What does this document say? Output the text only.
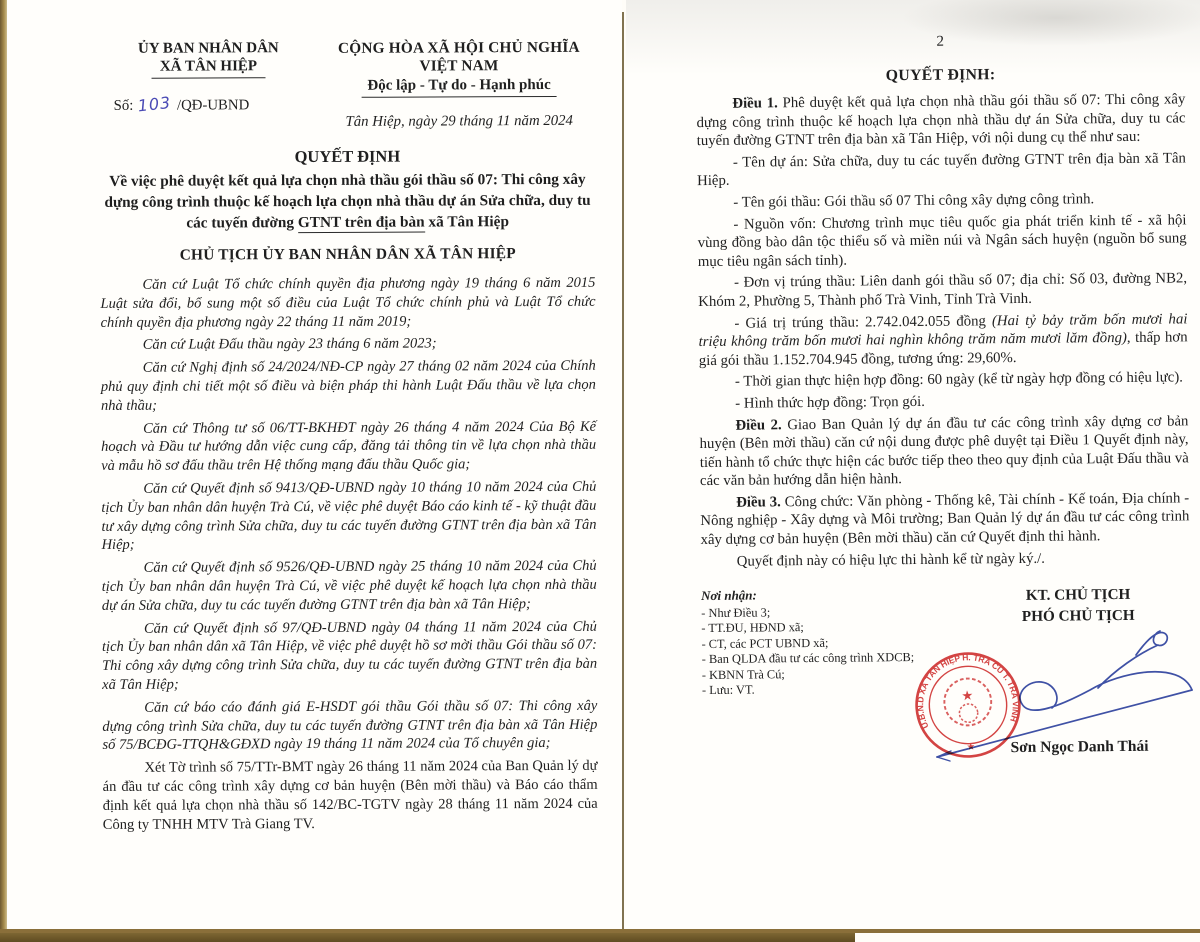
ỦY BAN NHÂN DÂN
XÃ TÂN HIỆP
Số: 103 /QĐ-UBND
CỘNG HÒA XÃ HỘI CHỦ NGHĨA VIỆT NAM
Độc lập - Tự do - Hạnh phúc
Tân Hiệp, ngày 29 tháng 11 năm 2024
QUYẾT ĐỊNH
Về việc phê duyệt kết quả lựa chọn nhà thầu gói thầu số 07: Thi công xây dựng công trình thuộc kế hoạch lựa chọn nhà thầu dự án Sửa chữa, duy tu các tuyến đường GTNT trên địa bàn xã Tân Hiệp
CHỦ TỊCH ỦY BAN NHÂN DÂN XÃ TÂN HIỆP

Căn cứ Luật Tổ chức chính quyền địa phương ngày 19 tháng 6 năm 2015 Luật sửa đổi, bổ sung một số điều của Luật Tổ chức chính phủ và Luật Tổ chức chính quyền địa phương ngày 22 tháng 11 năm 2019;

Căn cứ Luật Đấu thầu ngày 23 tháng 6 năm 2023;

Căn cứ Nghị định số 24/2024/NĐ-CP ngày 27 tháng 02 năm 2024 của Chính phủ quy định chi tiết một số điều và biện pháp thi hành Luật Đấu thầu về lựa chọn nhà thầu;

Căn cứ Thông tư số 06/TT-BKHĐT ngày 26 tháng 4 năm 2024 Của Bộ Kế hoạch và Đầu tư hướng dẫn việc cung cấp, đăng tải thông tin về lựa chọn nhà thầu và mẫu hồ sơ đấu thầu trên Hệ thống mạng đấu thầu Quốc gia;

Căn cứ Quyết định số 9413/QĐ-UBND ngày 10 tháng 10 năm 2024 của Chủ tịch Ủy ban nhân dân huyện Trà Cú, về việc phê duyệt Báo cáo kinh tế - kỹ thuật đầu tư xây dựng công trình Sửa chữa, duy tu các tuyến đường GTNT trên địa bàn xã Tân Hiệp;

Căn cứ Quyết định số 9526/QĐ-UBND ngày 25 tháng 10 năm 2024 của Chủ tịch Ủy ban nhân dân huyện Trà Cú, về việc phê duyệt kế hoạch lựa chọn nhà thầu dự án Sửa chữa, duy tu các tuyến đường GTNT trên địa bàn xã Tân Hiệp;

Căn cứ Quyết định số 97/QĐ-UBND ngày 04 tháng 11 năm 2024 của Chủ tịch Ủy ban nhân dân xã Tân Hiệp, về việc phê duyệt hồ sơ mời thầu Gói thầu số 07: Thi công xây dựng công trình Sửa chữa, duy tu các tuyến đường GTNT trên địa bàn xã Tân Hiệp;

Căn cứ báo cáo đánh giá E-HSDT gói thầu Gói thầu số 07: Thi công xây dựng công trình Sửa chữa, duy tu các tuyến đường GTNT trên địa bàn xã Tân Hiệp số 75/BCĐG-TTQH&GĐXD ngày 19 tháng 11 năm 2024 của Tổ chuyên gia;

Xét Tờ trình số 75/TTr-BMT ngày 26 tháng 11 năm 2024 của Ban Quản lý dự án đầu tư các công trình xây dựng cơ bản huyện (Bên mời thầu) và Báo cáo thẩm định kết quả lựa chọn nhà thầu số 142/BC-TGTV ngày 28 tháng 11 năm 2024 của Công ty TNHH MTV Trà Giang TV.

2
QUYẾT ĐỊNH:

Điều 1. Phê duyệt kết quả lựa chọn nhà thầu gói thầu số 07: Thi công xây dựng công trình thuộc kế hoạch lựa chọn nhà thầu dự án Sửa chữa, duy tu các tuyến đường GTNT trên địa bàn xã Tân Hiệp, với nội dung cụ thể như sau:

- Tên dự án: Sửa chữa, duy tu các tuyến đường GTNT trên địa bàn xã Tân Hiệp.

- Tên gói thầu: Gói thầu số 07 Thi công xây dựng công trình.

- Nguồn vốn: Chương trình mục tiêu quốc gia phát triển kinh tế - xã hội vùng đồng bào dân tộc thiểu số và miền núi và Ngân sách huyện (nguồn bổ sung mục tiêu ngân sách tỉnh).

- Đơn vị trúng thầu: Liên danh gói thầu số 07; địa chỉ: Số 03, đường NB2, Khóm 2, Phường 5, Thành phố Trà Vinh, Tỉnh Trà Vinh.

- Giá trị trúng thầu: 2.742.042.055 đồng (Hai tỷ bảy trăm bốn mươi hai triệu không trăm bốn mươi hai nghìn không trăm năm mươi lăm đồng), thấp hơn giá gói thầu 1.152.704.945 đồng, tương ứng: 29,60%.

- Thời gian thực hiện hợp đồng: 60 ngày (kể từ ngày hợp đồng có hiệu lực).

- Hình thức hợp đồng: Trọn gói.

Điều 2. Giao Ban Quản lý dự án đầu tư các công trình xây dựng cơ bản huyện (Bên mời thầu) căn cứ nội dung được phê duyệt tại Điều 1 Quyết định này, tiến hành tổ chức thực hiện các bước tiếp theo theo quy định của Luật Đấu thầu và các văn bản hướng dẫn hiện hành.

Điều 3. Công chức: Văn phòng - Thống kê, Tài chính - Kế toán, Địa chính - Nông nghiệp - Xây dựng và Môi trường; Ban Quản lý dự án đầu tư các công trình xây dựng cơ bản huyện (Bên mời thầu) căn cứ Quyết định thi hành.

Quyết định này có hiệu lực thi hành kể từ ngày ký./.

Nơi nhận:
- Như Điều 3;
- TT.ĐU, HĐND xã;
- CT, các PCT UBND xã;
- Ban QLDA đầu tư các công trình XDCB;
- KBNN Trà Cú;
- Lưu: VT.
KT. CHỦ TỊCH
PHÓ CHỦ TỊCH
Sơn Ngọc Danh Thái
U.B.N.D XÃ TÂN HIỆP H. TRÀ CÚ T. TRÀ VINH
★
★
